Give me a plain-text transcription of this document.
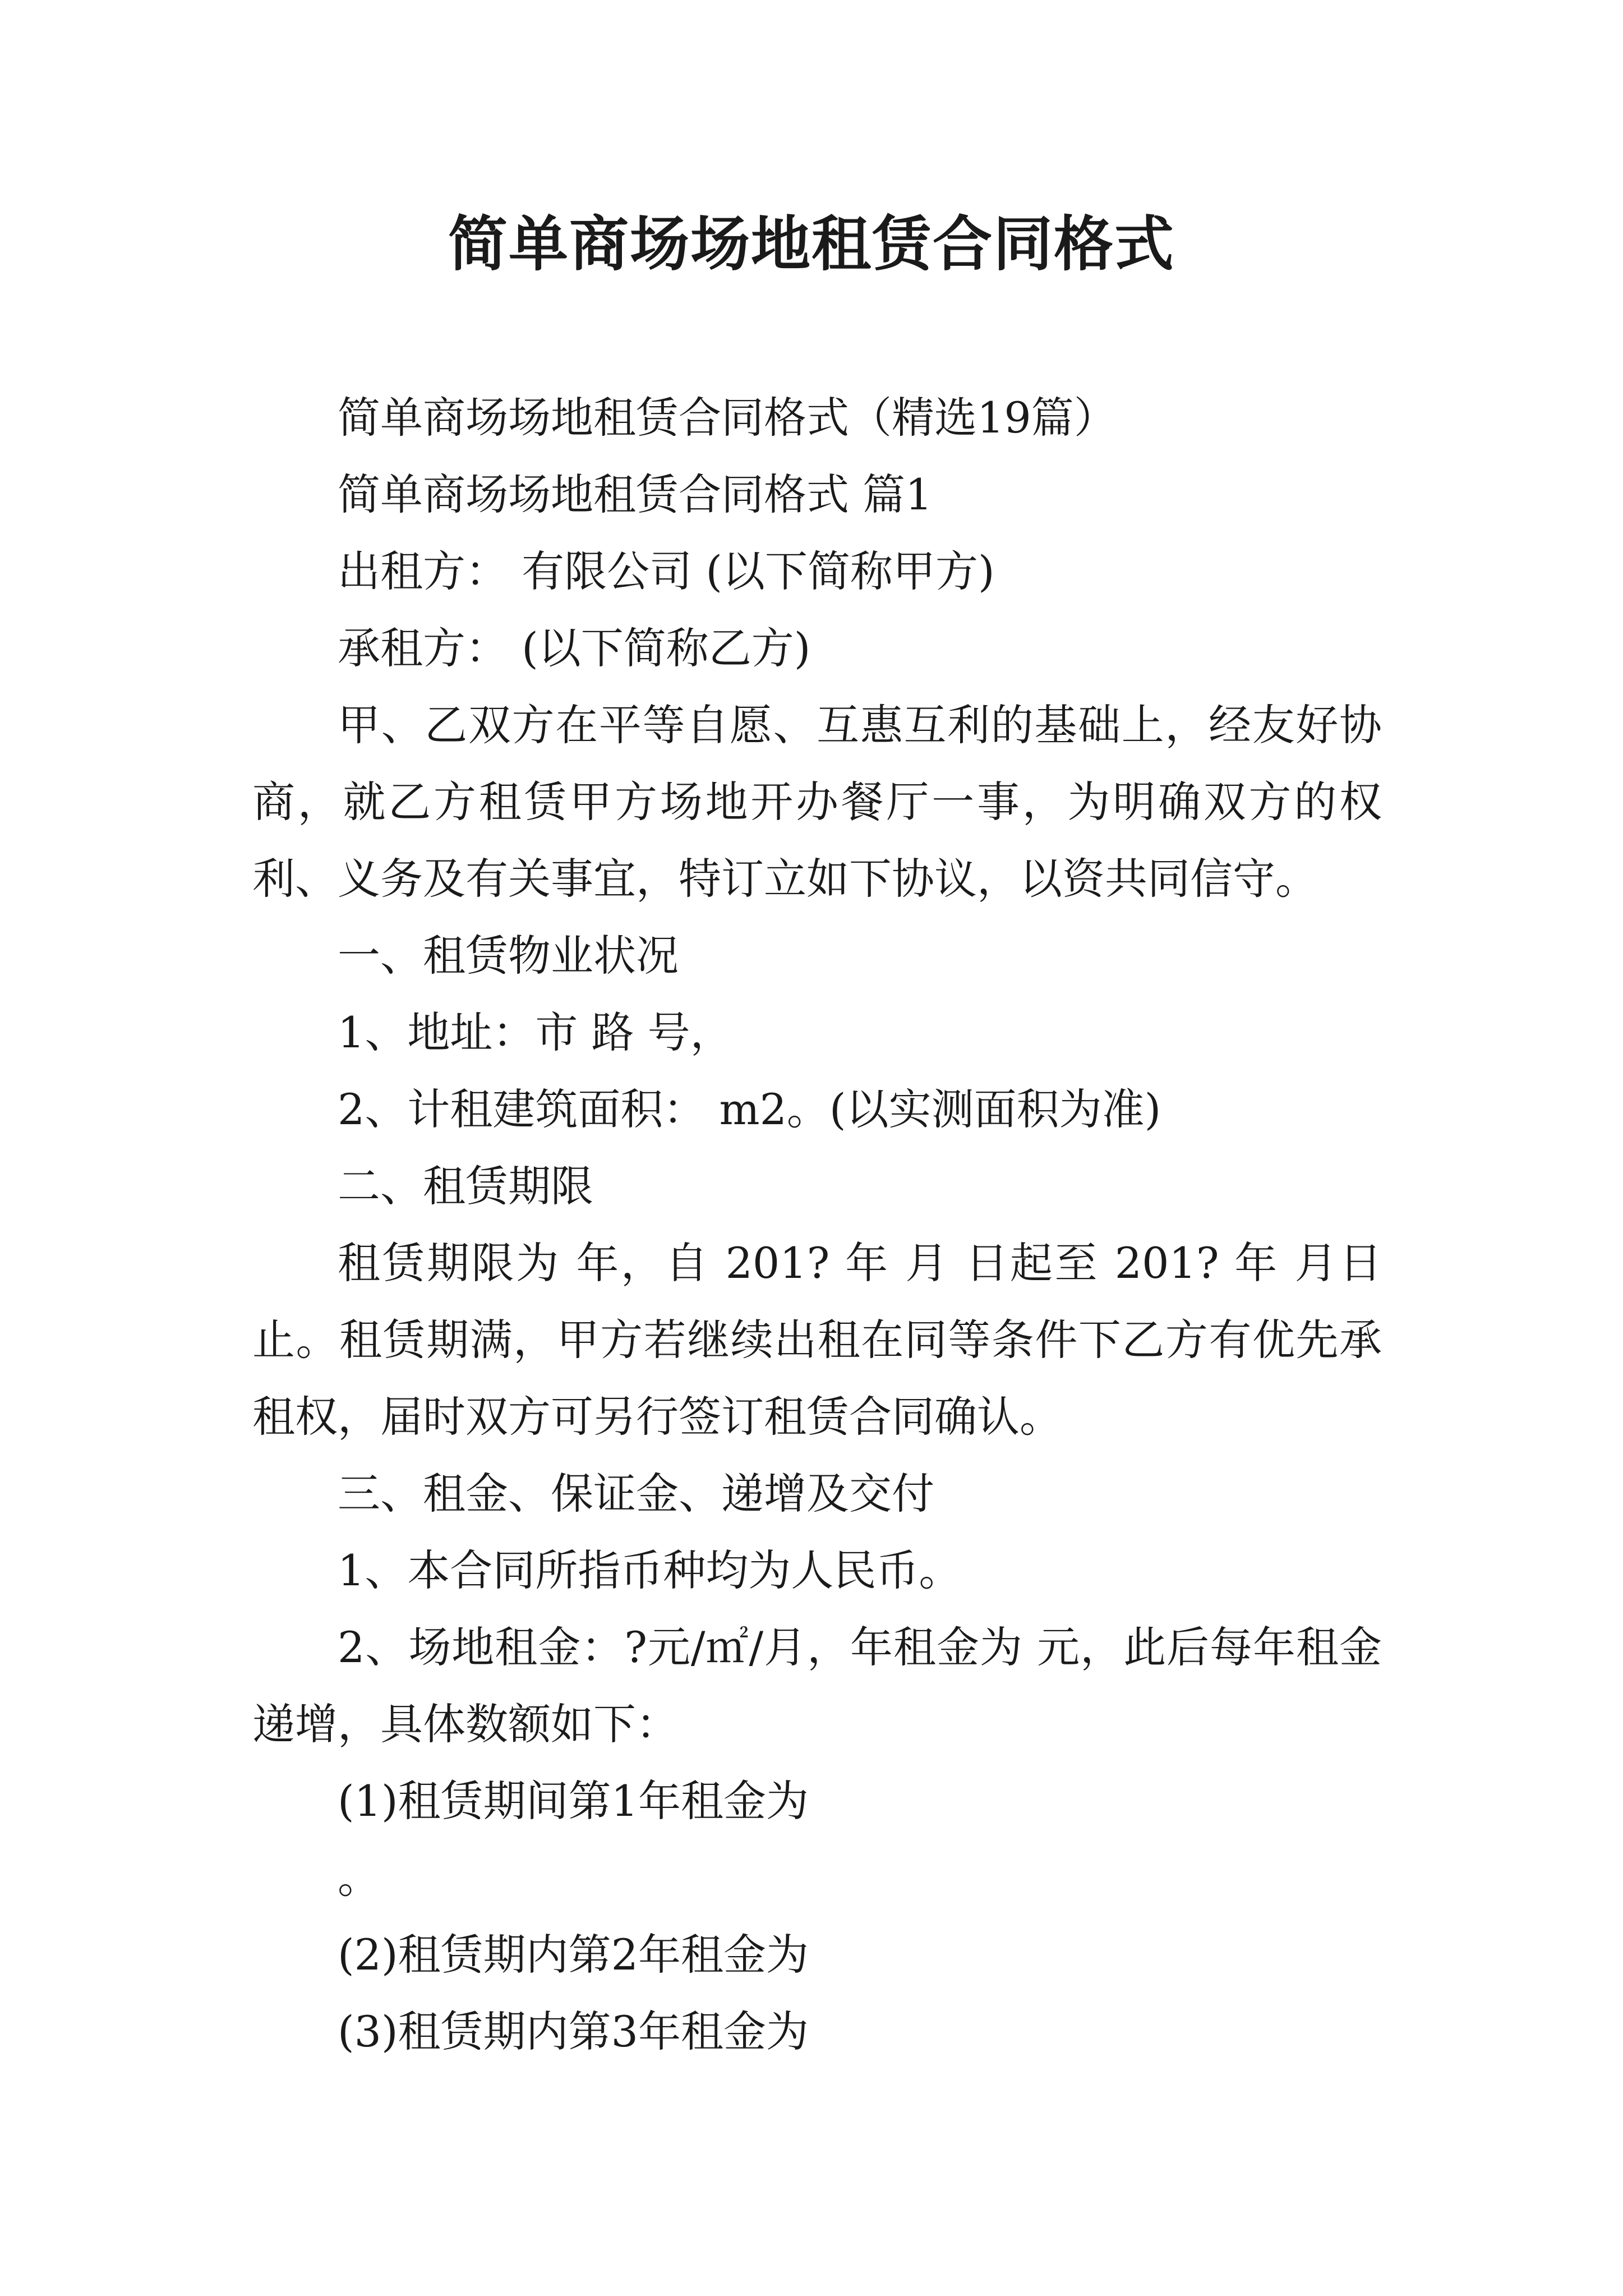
简单商场场地租赁合同格式

简单商场场地租赁合同格式（精选19篇）

简单商场场地租赁合同格式 篇1

出租方： 有限公司 (以下简称甲方)

承租方： (以下简称乙方)

甲、乙双方在平等自愿、互惠互利的基础上，经友好协商，就乙方租赁甲方场地开办餐厅一事，为明确双方的权利、义务及有关事宜，特订立如下协议，以资共同信守。

一、租赁物业状况

1、地址：市 路 号，

2、计租建筑面积： m2。(以实测面积为准)

二、租赁期限

租赁期限为 年，自 201? 年 月 日起至 201? 年 月日止。租赁期满，甲方若继续出租在同等条件下乙方有优先承租权，届时双方可另行签订租赁合同确认。

三、租金、保证金、递增及交付

1、本合同所指币种均为人民币。

2、场地租金：?元/㎡/月，年租金为 元，此后每年租金递增，具体数额如下：

(1)租赁期间第1年租金为

。

(2)租赁期内第2年租金为

(3)租赁期内第3年租金为
